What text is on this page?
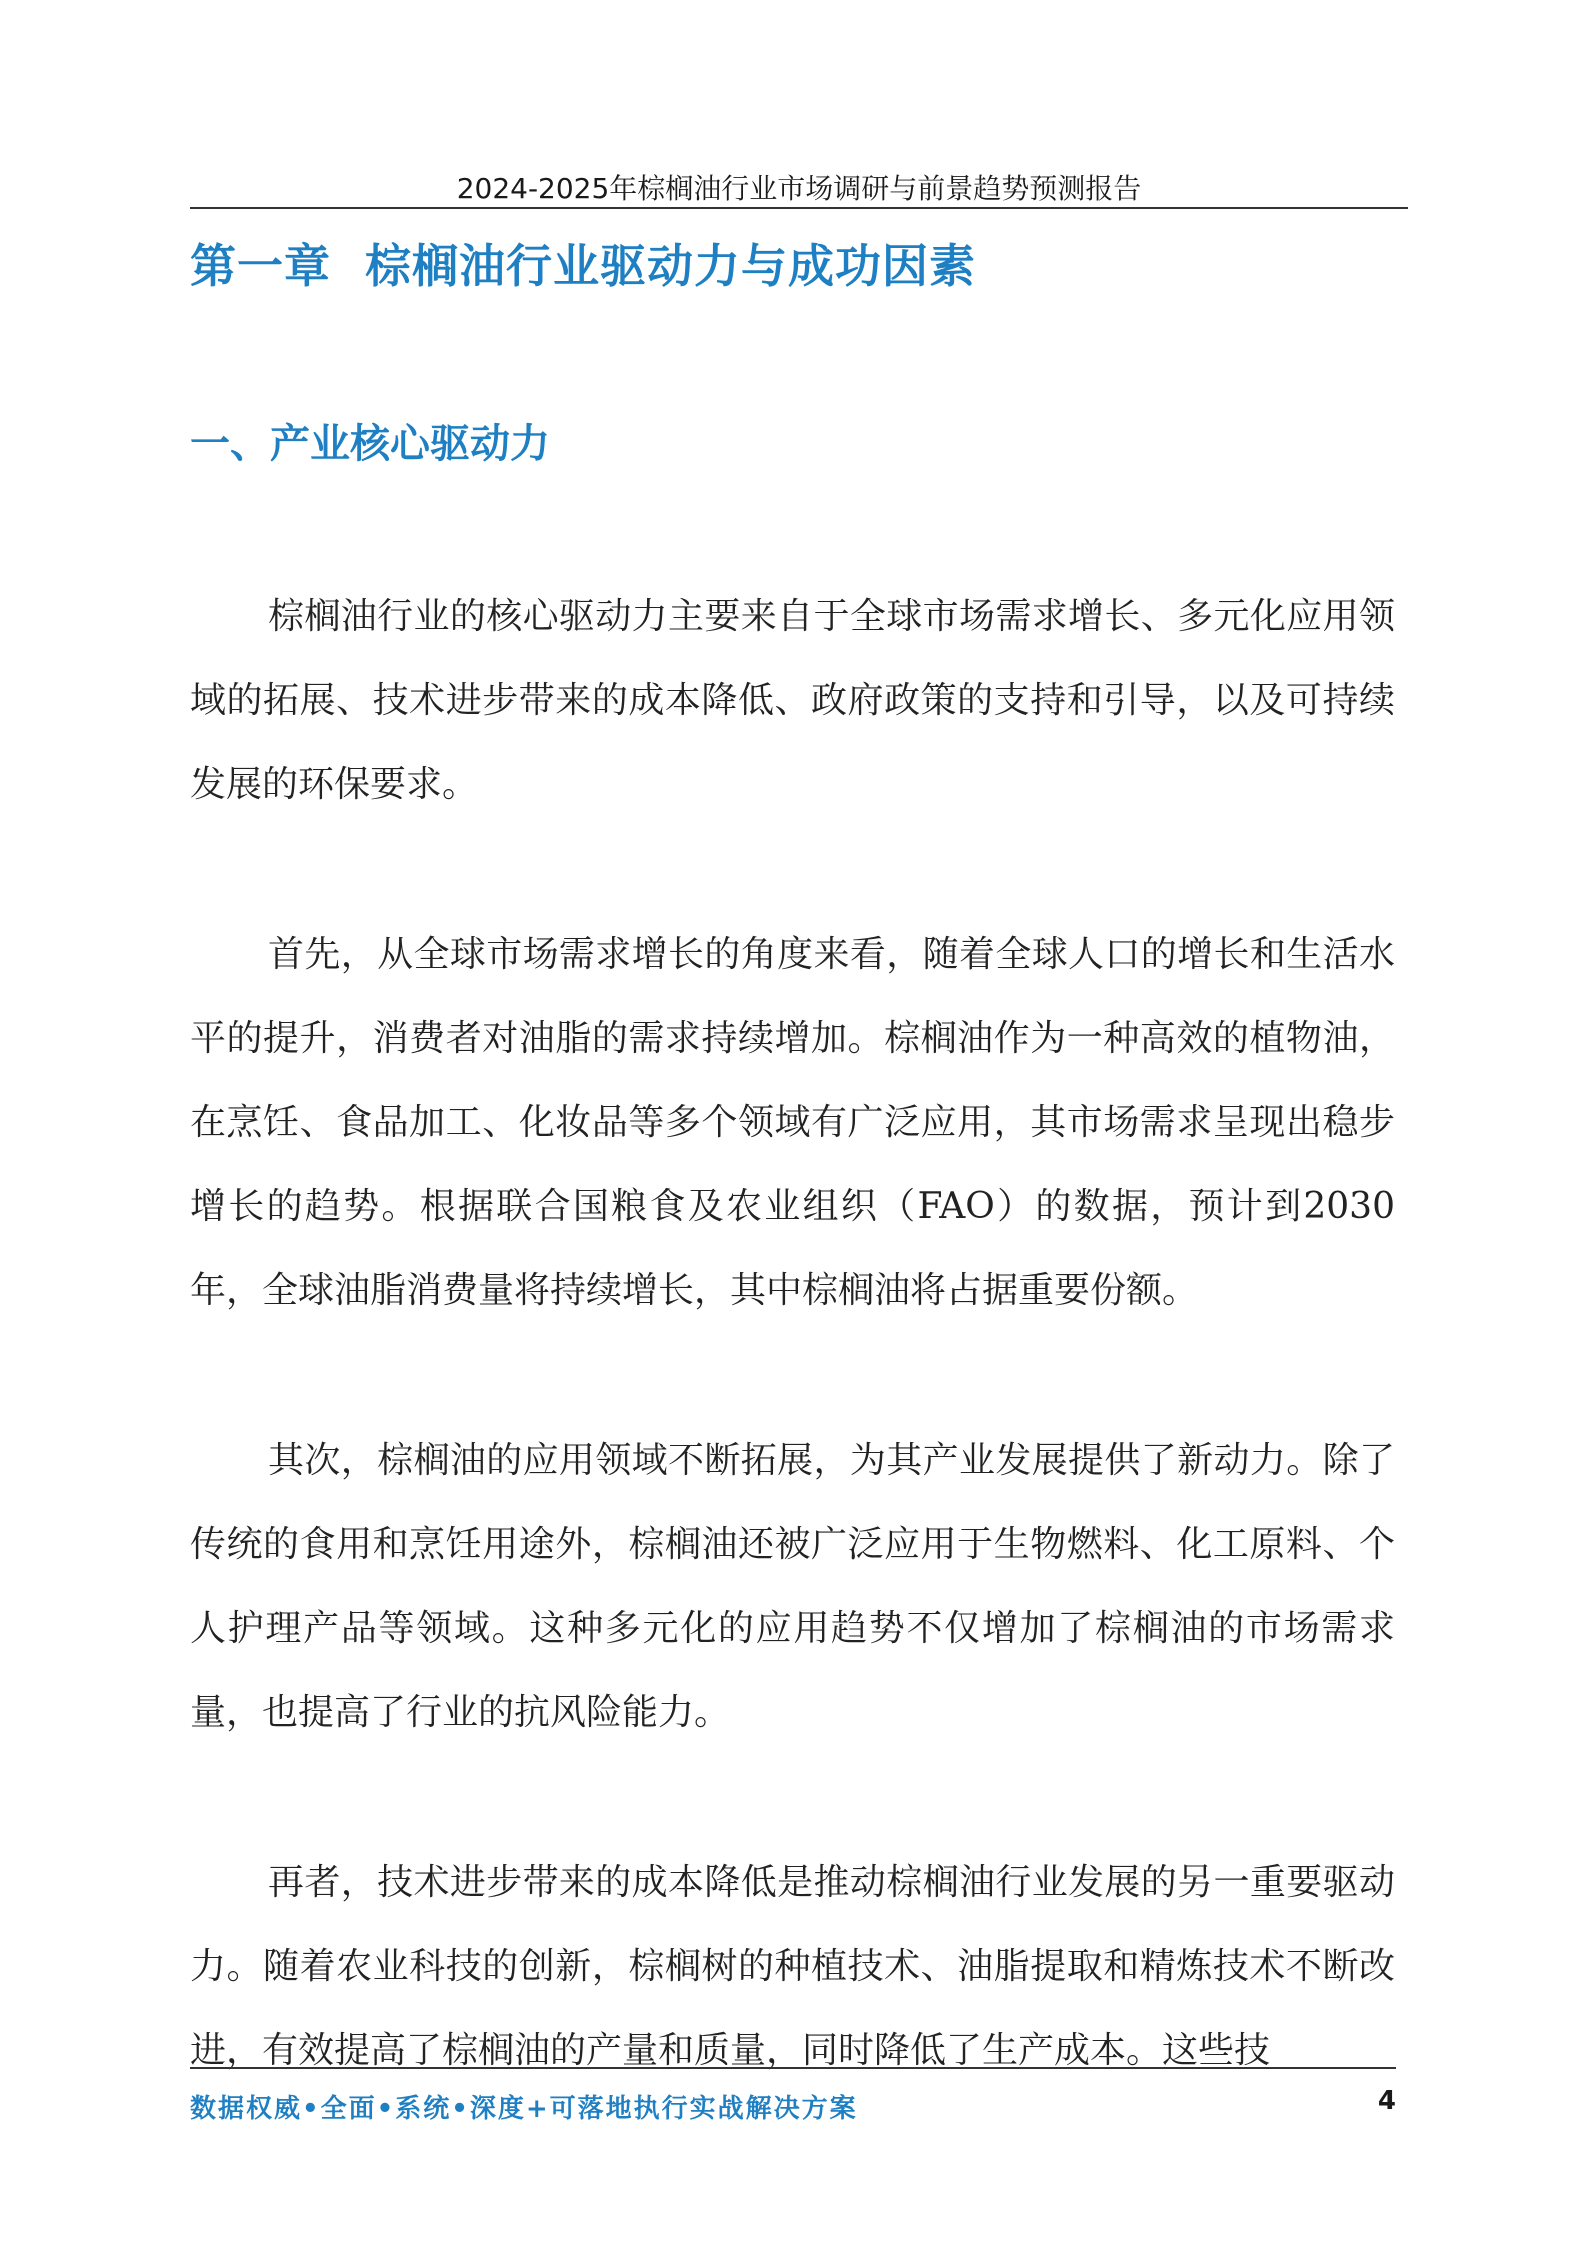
2024-2025年棕榈油行业市场调研与前景趋势预测报告
第一章  棕榈油行业驱动力与成功因素
一、产业核心驱动力

棕榈油行业的核心驱动力主要来自于全球市场需求增长、多元化应用领域的拓展、技术进步带来的成本降低、政府政策的支持和引导，以及可持续发展的环保要求。

首先，从全球市场需求增长的角度来看，随着全球人口的增长和生活水平的提升，消费者对油脂的需求持续增加。棕榈油作为一种高效的植物油，在烹饪、食品加工、化妆品等多个领域有广泛应用，其市场需求呈现出稳步增长的趋势。根据联合国粮食及农业组织（FAO）的数据，预计到2030年，全球油脂消费量将持续增长，其中棕榈油将占据重要份额。

其次，棕榈油的应用领域不断拓展，为其产业发展提供了新动力。除了传统的食用和烹饪用途外，棕榈油还被广泛应用于生物燃料、化工原料、个人护理产品等领域。这种多元化的应用趋势不仅增加了棕榈油的市场需求量，也提高了行业的抗风险能力。

再者，技术进步带来的成本降低是推动棕榈油行业发展的另一重要驱动力。随着农业科技的创新，棕榈树的种植技术、油脂提取和精炼技术不断改进，有效提高了棕榈油的产量和质量，同时降低了生产成本。这些技

数据权威•全面•系统•深度+可落地执行实战解决方案	4
